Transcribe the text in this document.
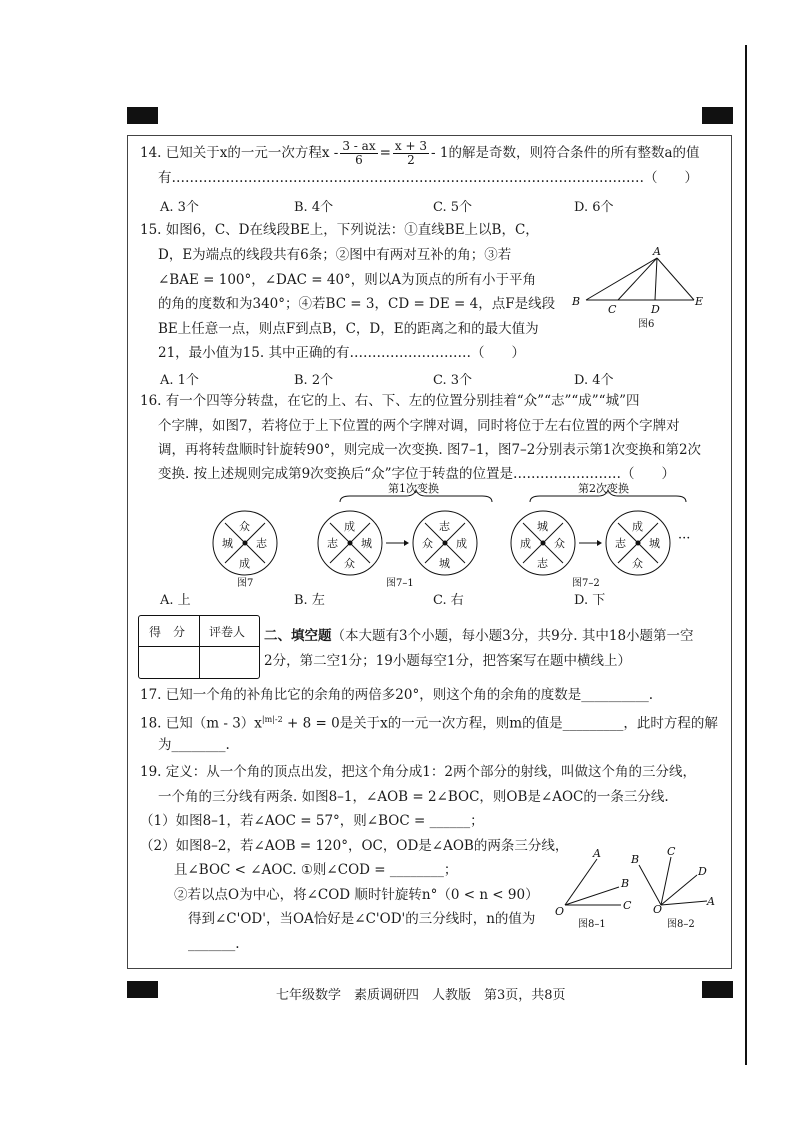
14. 已知关于x的一元一次方程$x - \frac{3 - ax}{6} = \frac{x + 3}{2} - 1$的解是奇数，则符合条件的所有整数a的值
有……………………………………………………………………………………………（　　）
A. 3个	B. 4个	C. 5个	D. 6个
15. 如图6，C、D在线段BE上，下列说法：①直线BE上以B，C，
D，E为端点的线段共有6条；②图中有两对互补的角；③若
∠BAE = 100°，∠DAC = 40°，则以A为顶点的所有小于平角
的角的度数和为340°；④若BC = 3，CD = DE = 4，点F是线段
BE上任意一点，则点F到点B，C，D，E的距离之和的最大值为
21，最小值为15. 其中正确的有………………………（　　）
A. 1个	B. 2个	C. 3个	D. 4个
A
B
C	D
E
图6
16. 有一个四等分转盘，在它的上、右、下、左的位置分别挂着“众”“志”“成”“城”四
个字牌，如图7，若将位于上下位置的两个字牌对调，同时将位于左右位置的两个字牌对
调，再将转盘顺时针旋转90°，则完成一次变换. 图7–1，图7–2分别表示第1次变换和第2次
变换. 按上述规则完成第9次变换后“众”字位于转盘的位置是……………………（　　）
第1次变换	第2次变换
众
志
成
城
成
城
众
志
志
成
城
众
城
众
志
成
成
城
众
志	···
图7	图7–1	图7–2
A. 上	B. 左	C. 右	D. 下
得　分 评卷人 二、填空题（本大题有3个小题，每小题3分，共9分. 其中18小题第一空
2分，第二空1分；19小题每空1分，把答案写在题中横线上）
17. 已知一个角的补角比它的余角的两倍多20°，则这个角的余角的度数是__________.
18. 已知$(m - 3)x^{|m|-2} + 8 = 0$是关于x的一元一次方程，则m的值是_________，此时方程的解
为________.
19. 定义：从一个角的顶点出发，把这个角分成1：2两个部分的射线，叫做这个角的三分线，
一个角的三分线有两条. 如图8–1，∠AOB = 2∠BOC，则OB是∠AOC的一条三分线.
（1）如图8–1，若∠AOC = 57°，则∠BOC = ______；
（2）如图8–2，若∠AOB = 120°，OC，OD是∠AOB的两条三分线，
且∠BOC < ∠AOC. ①则∠COD = ________；
②若以点O为中心，将∠COD 顺时针旋转n°（0 < n < 90）
得到∠C'OD'，当OA恰好是∠C'OD'的三分线时，n的值为
_______.
A
B
O	C
图8–1
B
C
D
O
A
图8–2
七年级数学　素质调研四　人教版　第3页，共8页
